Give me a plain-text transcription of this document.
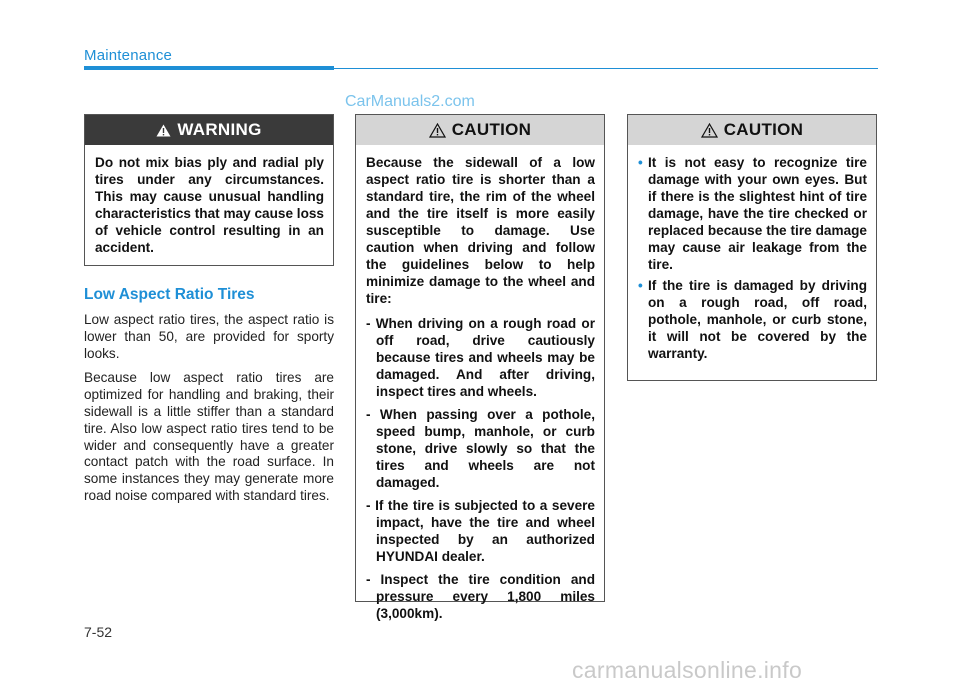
Maintenance
CarManuals2.com
WARNING

Do not mix bias ply and radial ply tires under any circumstances. This may cause unusual handling characteristics that may cause loss of vehicle control resulting in an accident.

Low Aspect Ratio Tires

Low aspect ratio tires, the aspect ratio is lower than 50, are provided for sporty looks.

Because low aspect ratio tires are optimized for handling and braking, their sidewall is a little stiffer than a standard tire. Also low aspect ratio tires tend to be wider and consequently have a greater contact patch with the road surface. In some instances they may generate more road noise compared with standard tires.

CAUTION

Because the sidewall of a low aspect ratio tire is shorter than a standard tire, the rim of the wheel and the tire itself is more easily susceptible to damage. Use caution when driving and follow the guidelines below to help minimize damage to the wheel and tire:

- When driving on a rough road or off road, drive cautiously because tires and wheels may be damaged. And after driving, inspect tires and wheels.
- When passing over a pothole, speed bump, manhole, or curb stone, drive slowly so that the tires and wheels are not damaged.
- If the tire is subjected to a severe impact, have the tire and wheel inspected by an authorized HYUNDAI dealer.
- Inspect the tire condition and pressure every 1,800 miles (3,000km).
CAUTION
• It is not easy to recognize tire damage with your own eyes. But if there is the slightest hint of tire damage, have the tire checked or replaced because the tire damage may cause air leakage from the tire.
• If the tire is damaged by driving on a rough road, off road, pothole, manhole, or curb stone, it will not be covered by the warranty.
7-52
carmanualsonline.info
